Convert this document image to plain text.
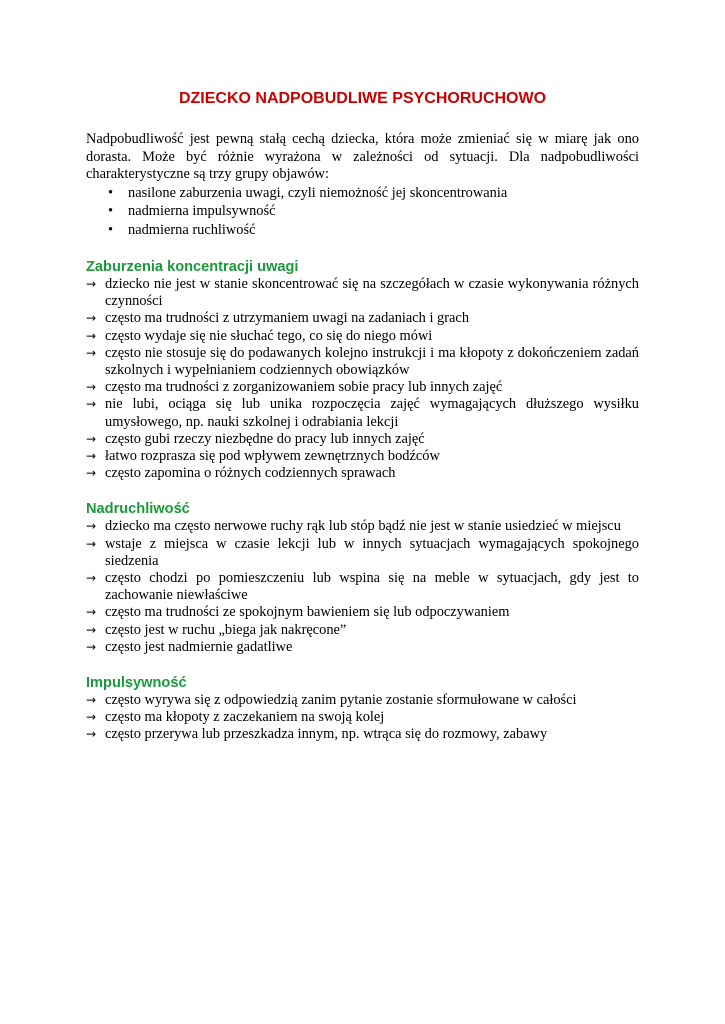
DZIECKO NADPOBUDLIWE PSYCHORUCHOWO

Nadpobudliwość jest pewną stałą cechą dziecka, która może zmieniać się w miarę jak ono dorasta. Może być różnie wyrażona w zależności od sytuacji. Dla nadpobudliwości charakterystyczne są trzy grupy objawów:

• nasilone zaburzenia uwagi, czyli niemożność jej skoncentrowania
• nadmierna impulsywność
• nadmierna ruchliwość
Zaburzenia koncentracji uwagi
→ dziecko nie jest w stanie skoncentrować się na szczegółach w czasie wykonywania różnych czynności
→ często ma trudności z utrzymaniem uwagi na zadaniach i grach
→ często wydaje się nie słuchać tego, co się do niego mówi
→ często nie stosuje się do podawanych kolejno instrukcji i ma kłopoty z dokończeniem zadań szkolnych i wypełnianiem codziennych obowiązków
→ często ma trudności z zorganizowaniem sobie pracy lub innych zajęć
→ nie lubi, ociąga się lub unika rozpoczęcia zajęć wymagających dłuższego wysiłku umysłowego, np. nauki szkolnej i odrabiania lekcji
→ często gubi rzeczy niezbędne do pracy lub innych zajęć
→ łatwo rozprasza się pod wpływem zewnętrznych bodźców
→ często zapomina o różnych codziennych sprawach
Nadruchliwość
→ dziecko ma często nerwowe ruchy rąk lub stóp bądź nie jest w stanie usiedzieć w miejscu
→ wstaje z miejsca w czasie lekcji lub w innych sytuacjach wymagających spokojnego siedzenia
→ często chodzi po pomieszczeniu lub wspina się na meble w sytuacjach, gdy jest to zachowanie niewłaściwe
→ często ma trudności ze spokojnym bawieniem się lub odpoczywaniem
→ często jest w ruchu „biega jak nakręcone”
→ często jest nadmiernie gadatliwe
Impulsywność
→ często wyrywa się z odpowiedzią zanim pytanie zostanie sformułowane w całości
→ często ma kłopoty z zaczekaniem na swoją kolej
→ często przerywa lub przeszkadza innym, np. wtrąca się do rozmowy, zabawy
